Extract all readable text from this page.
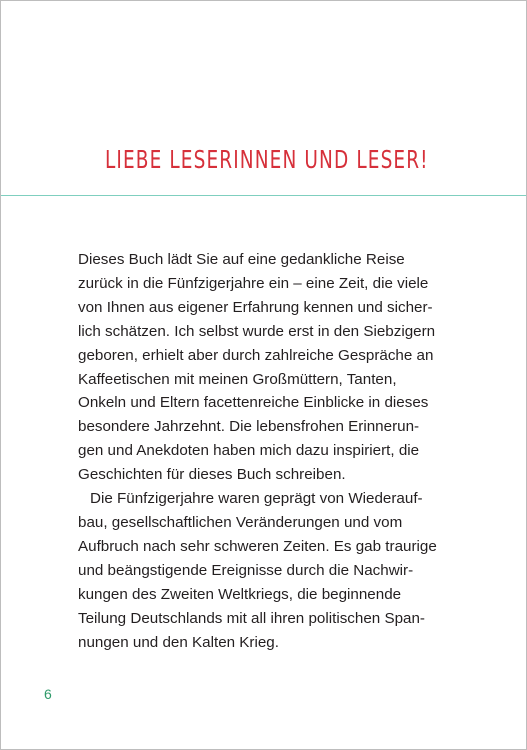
LIEBE LESERINNEN UND LESER!

Dieses Buch lädt Sie auf eine gedankliche Reise
zurück in die Fünfzigerjahre ein – eine Zeit, die viele
von Ihnen aus eigener Erfahrung kennen und sicher-
lich schätzen. Ich selbst wurde erst in den Siebzigern
geboren, erhielt aber durch zahlreiche Gespräche an
Kaffeetischen mit meinen Großmüttern, Tanten,
Onkeln und Eltern facettenreiche Einblicke in dieses
besondere Jahrzehnt. Die lebensfrohen Erinnerun-
gen und Anekdoten haben mich dazu inspiriert, die
Geschichten für dieses Buch schreiben.

Die Fünfzigerjahre waren geprägt von Wiederauf-
bau, gesellschaftlichen Veränderungen und vom
Aufbruch nach sehr schweren Zeiten. Es gab traurige
und beängstigende Ereignisse durch die Nachwir-
kungen des Zweiten Weltkriegs, die beginnende
Teilung Deutschlands mit all ihren politischen Span-
nungen und den Kalten Krieg.

6
